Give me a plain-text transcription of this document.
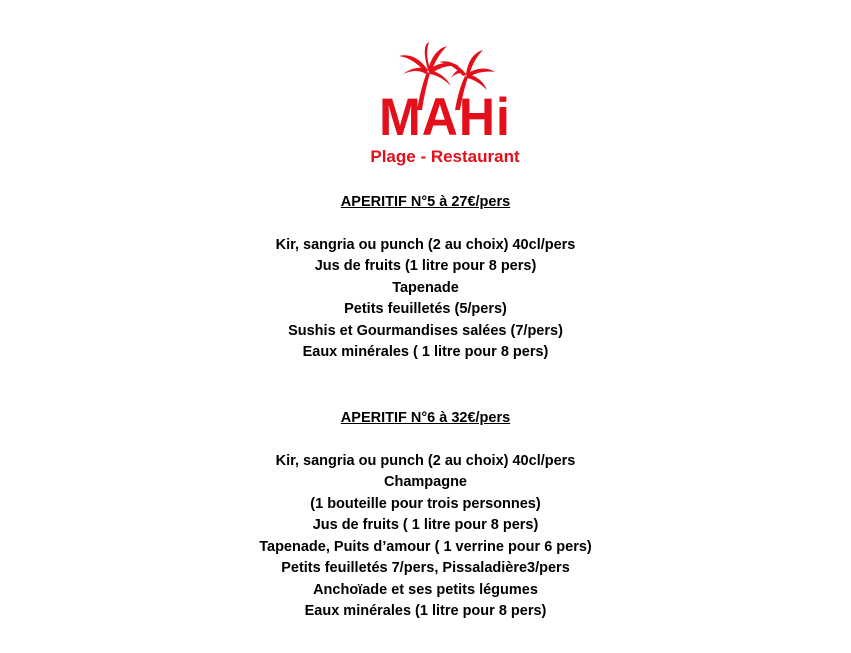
MAHi
Plage - Restaurant
APERITIF N°5 à 27€/pers
Kir, sangria ou punch (2 au choix) 40cl/pers
Jus de fruits (1 litre pour 8 pers)
Tapenade
Petits feuilletés (5/pers)
Sushis et Gourmandises salées (7/pers)
Eaux minérales ( 1 litre pour 8 pers)
APERITIF N°6 à 32€/pers
Kir, sangria ou punch (2 au choix) 40cl/pers
Champagne
(1 bouteille pour trois personnes)
Jus de fruits ( 1 litre pour 8 pers)
Tapenade, Puits d’amour ( 1 verrine pour 6 pers)
Petits feuilletés 7/pers, Pissaladière3/pers
Anchoïade et ses petits légumes
Eaux minérales (1 litre pour 8 pers)
